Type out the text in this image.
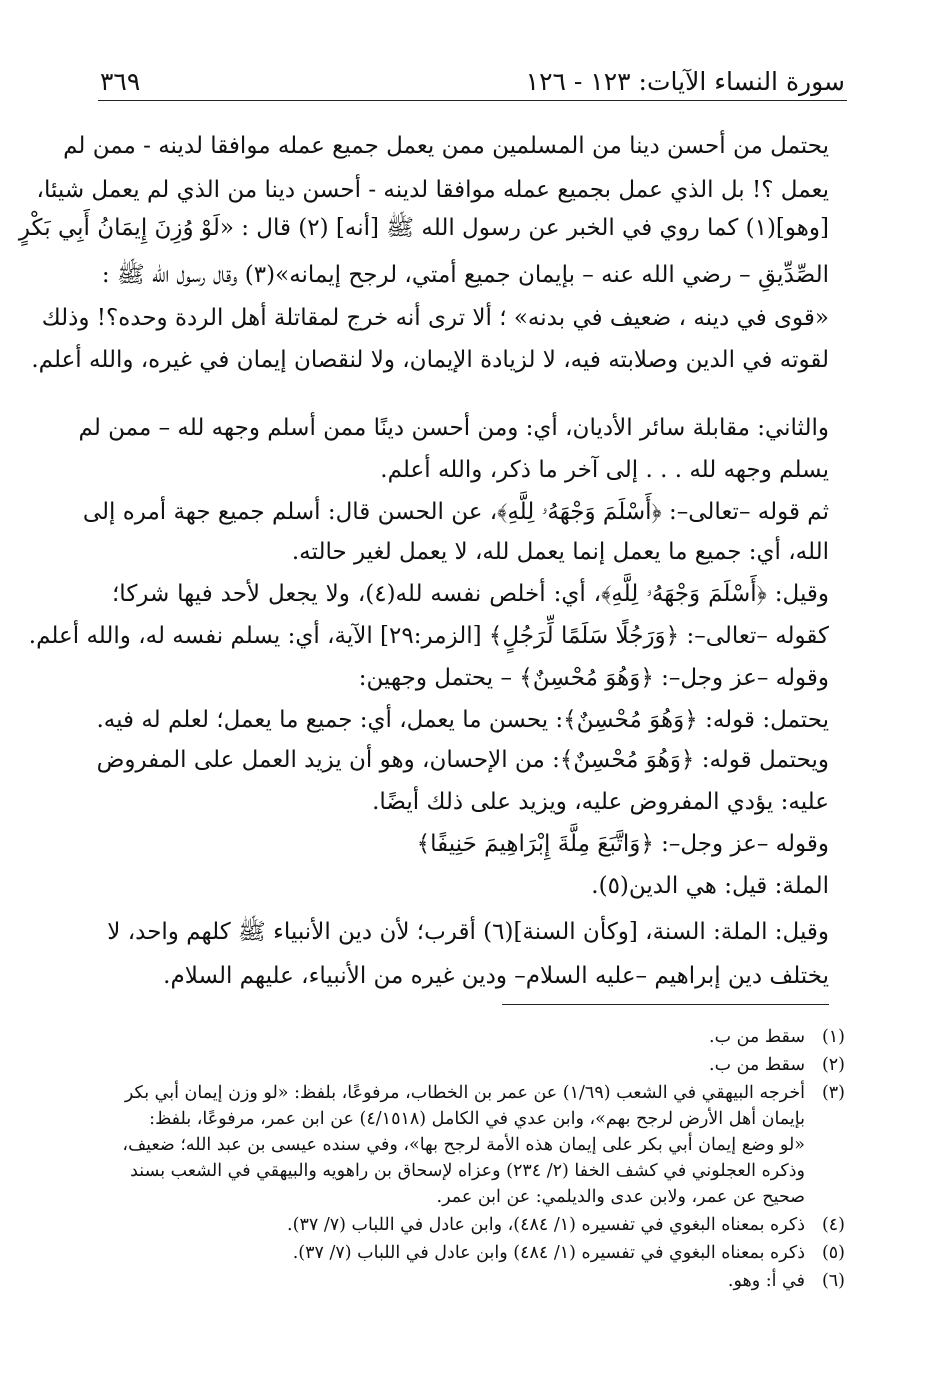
سورة النساء الآيات: ١٢٣ - ١٢٦
٣٦٩
يحتمل من أحسن دينا من المسلمين ممن يعمل جميع عمله موافقا لدينه - ممن لم
يعمل ؟! بل الذي عمل بجميع عمله موافقا لدينه - أحسن دينا من الذي لم يعمل شيئا،
[وهو](١) كما روي في الخبر عن رسول الله ﷺ [أنه] (٢) قال : «لَوْ وُزِنَ إِيمَانُ أَبِي بَكْرٍ
الصِّدِّيقِ – رضي الله عنه – بإيمان جميع أمتي، لرجح إيمانه»(٣) وقال رسول الله ﷺ :
«قوى في دينه ، ضعيف في بدنه» ؛ ألا ترى أنه خرج لمقاتلة أهل الردة وحده؟! وذلك
لقوته في الدين وصلابته فيه، لا لزيادة الإيمان، ولا لنقصان إيمان في غيره، والله أعلم.
والثاني: مقابلة سائر الأديان، أي: ومن أحسن دينًا ممن أسلم وجهه لله – ممن لم
يسلم وجهه لله . . . إلى آخر ما ذكر، والله أعلم.
ثم قوله –تعالى–: ﴿أَسْلَمَ وَجْهَهُۥ لِلَّهِ﴾، عن الحسن قال: أسلم جميع جهة أمره إلى
الله، أي: جميع ما يعمل إنما يعمل لله، لا يعمل لغير حالته.
وقيل: ﴿أَسْلَمَ وَجْهَهُۥ لِلَّهِ﴾، أي: أخلص نفسه لله(٤)، ولا يجعل لأحد فيها شركا؛
كقوله –تعالى–: ﴿وَرَجُلًا سَلَمًا لِّرَجُلٍ﴾ [الزمر:٢٩] الآية، أي: يسلم نفسه له، والله أعلم.
وقوله –عز وجل–: ﴿وَهُوَ مُحْسِنٌ﴾ – يحتمل وجهين:
يحتمل: قوله: ﴿وَهُوَ مُحْسِنٌ﴾: يحسن ما يعمل، أي: جميع ما يعمل؛ لعلم له فيه.
ويحتمل قوله: ﴿وَهُوَ مُحْسِنٌ﴾: من الإحسان، وهو أن يزيد العمل على المفروض
عليه: يؤدي المفروض عليه، ويزيد على ذلك أيضًا.
وقوله –عز وجل–: ﴿وَاتَّبَعَ مِلَّةَ إِبْرَاهِيمَ حَنِيفًا﴾
الملة: قيل: هي الدين(٥).
وقيل: الملة: السنة، [وكأن السنة](٦) أقرب؛ لأن دين الأنبياء ﷺ كلهم واحد، لا
يختلف دين إبراهيم –عليه السلام– ودين غيره من الأنبياء، عليهم السلام.
(١)سقط من ب.
(٢)سقط من ب.
(٣)أخرجه البيهقي في الشعب (١/٦٩) عن عمر بن الخطاب، مرفوعًا، بلفظ: «لو وزن إيمان أبي بكر
بإيمان أهل الأرض لرجح بهم»، وابن عدي في الكامل (٤/١٥١٨) عن ابن عمر، مرفوعًا، بلفظ:
«لو وضع إيمان أبي بكر على إيمان هذه الأمة لرجح بها»، وفي سنده عيسى بن عبد الله؛ ضعيف،
وذكره العجلوني في كشف الخفا (٢/ ٢٣٤) وعزاه لإسحاق بن راهويه والبيهقي في الشعب بسند
صحيح عن عمر، ولابن عدى والديلمي: عن ابن عمر.
(٤)ذكره بمعناه البغوي في تفسيره (١/ ٤٨٤)، وابن عادل في اللباب (٧/ ٣٧).
(٥)ذكره بمعناه البغوي في تفسيره (١/ ٤٨٤) وابن عادل في اللباب (٧/ ٣٧).
(٦)في أ: وهو.
